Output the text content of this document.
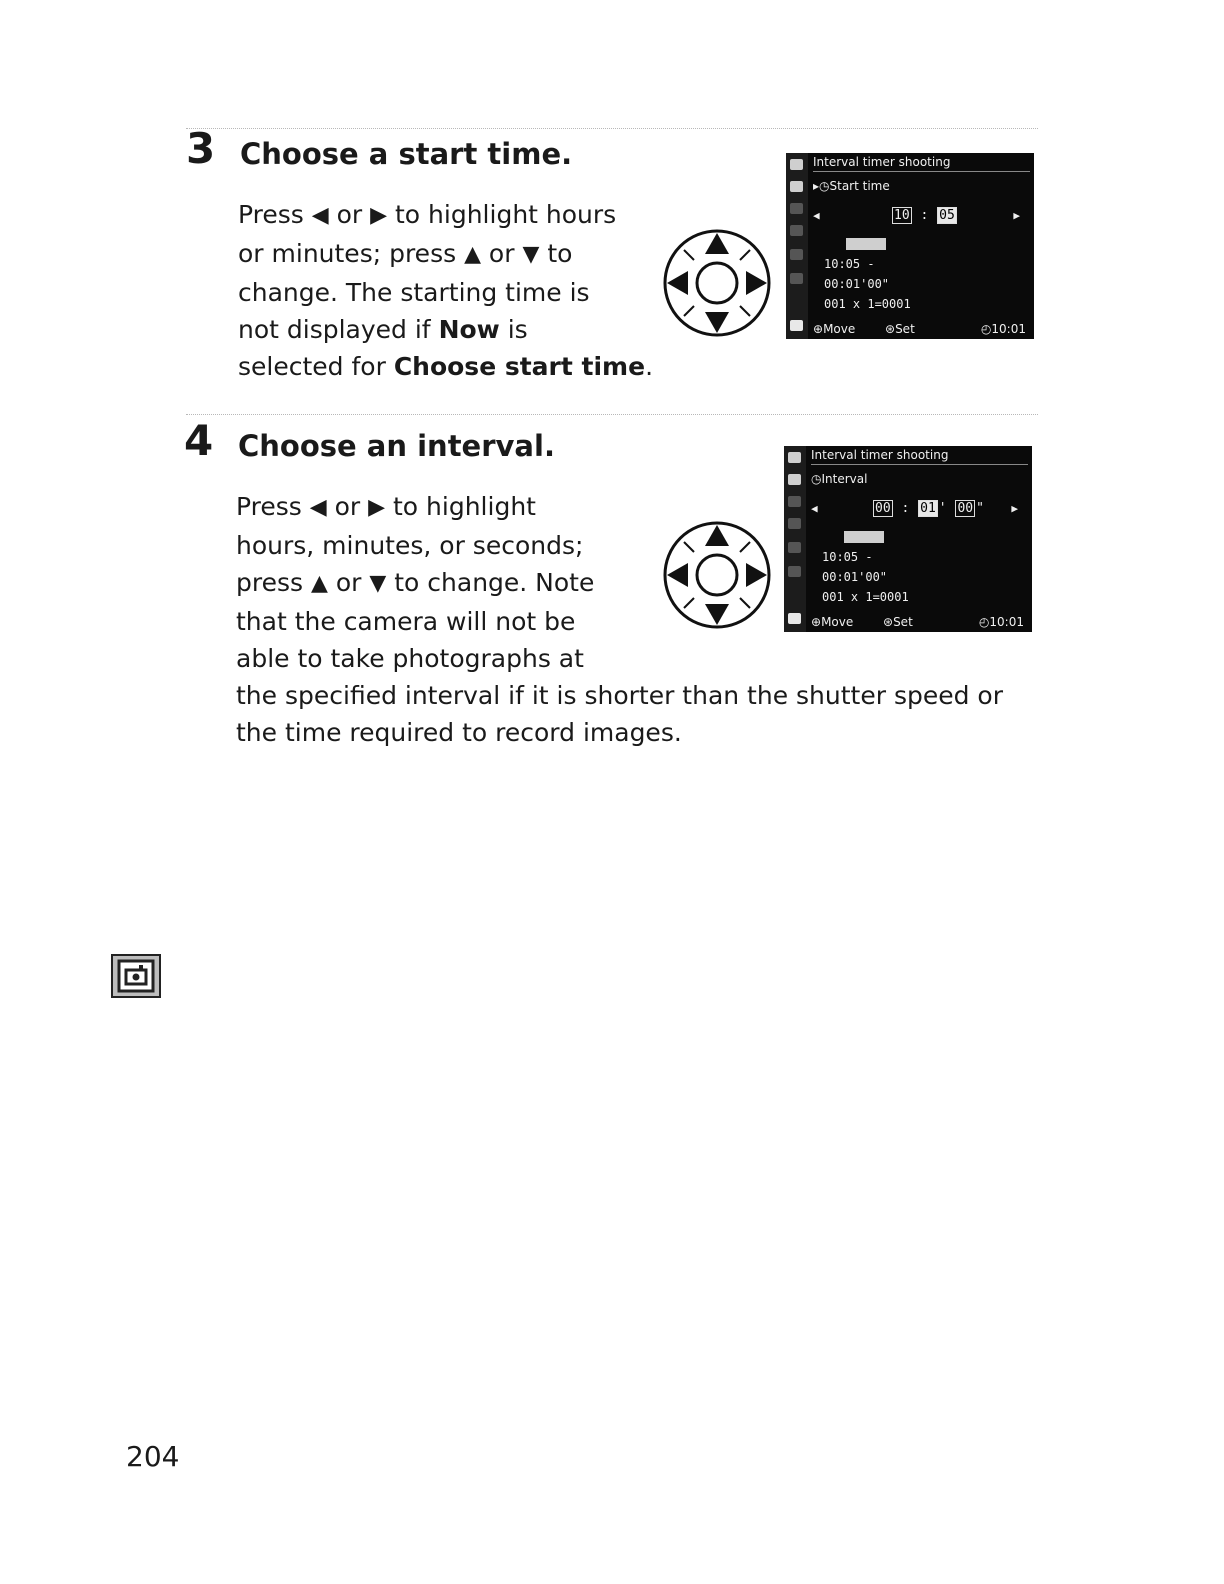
3 Choose a start time.
Press ◀ or ▶ to highlight hours
or minutes; press ▲ or ▼ to
change. The starting time is
not displayed if Now is
selected for Choose start time.
Interval timer shooting
▸◷Start time
◀	10 : 05	▶
10:05 -
00:01'00"
001 x 1=0001
⊕Move ⊛Set	◴10:01
4 Choose an interval.
Press ◀ or ▶ to highlight
hours, minutes, or seconds;
press ▲ or ▼ to change. Note
that the camera will not be
able to take photographs at
the specified interval if it is shorter than the shutter speed or
the time required to record images.
Interval timer shooting
◷Interval
◀	00 : 01 ' 00 " ▶
10:05 -
00:01'00"
001 x 1=0001
⊕Move ⊛Set	◴10:01
204
